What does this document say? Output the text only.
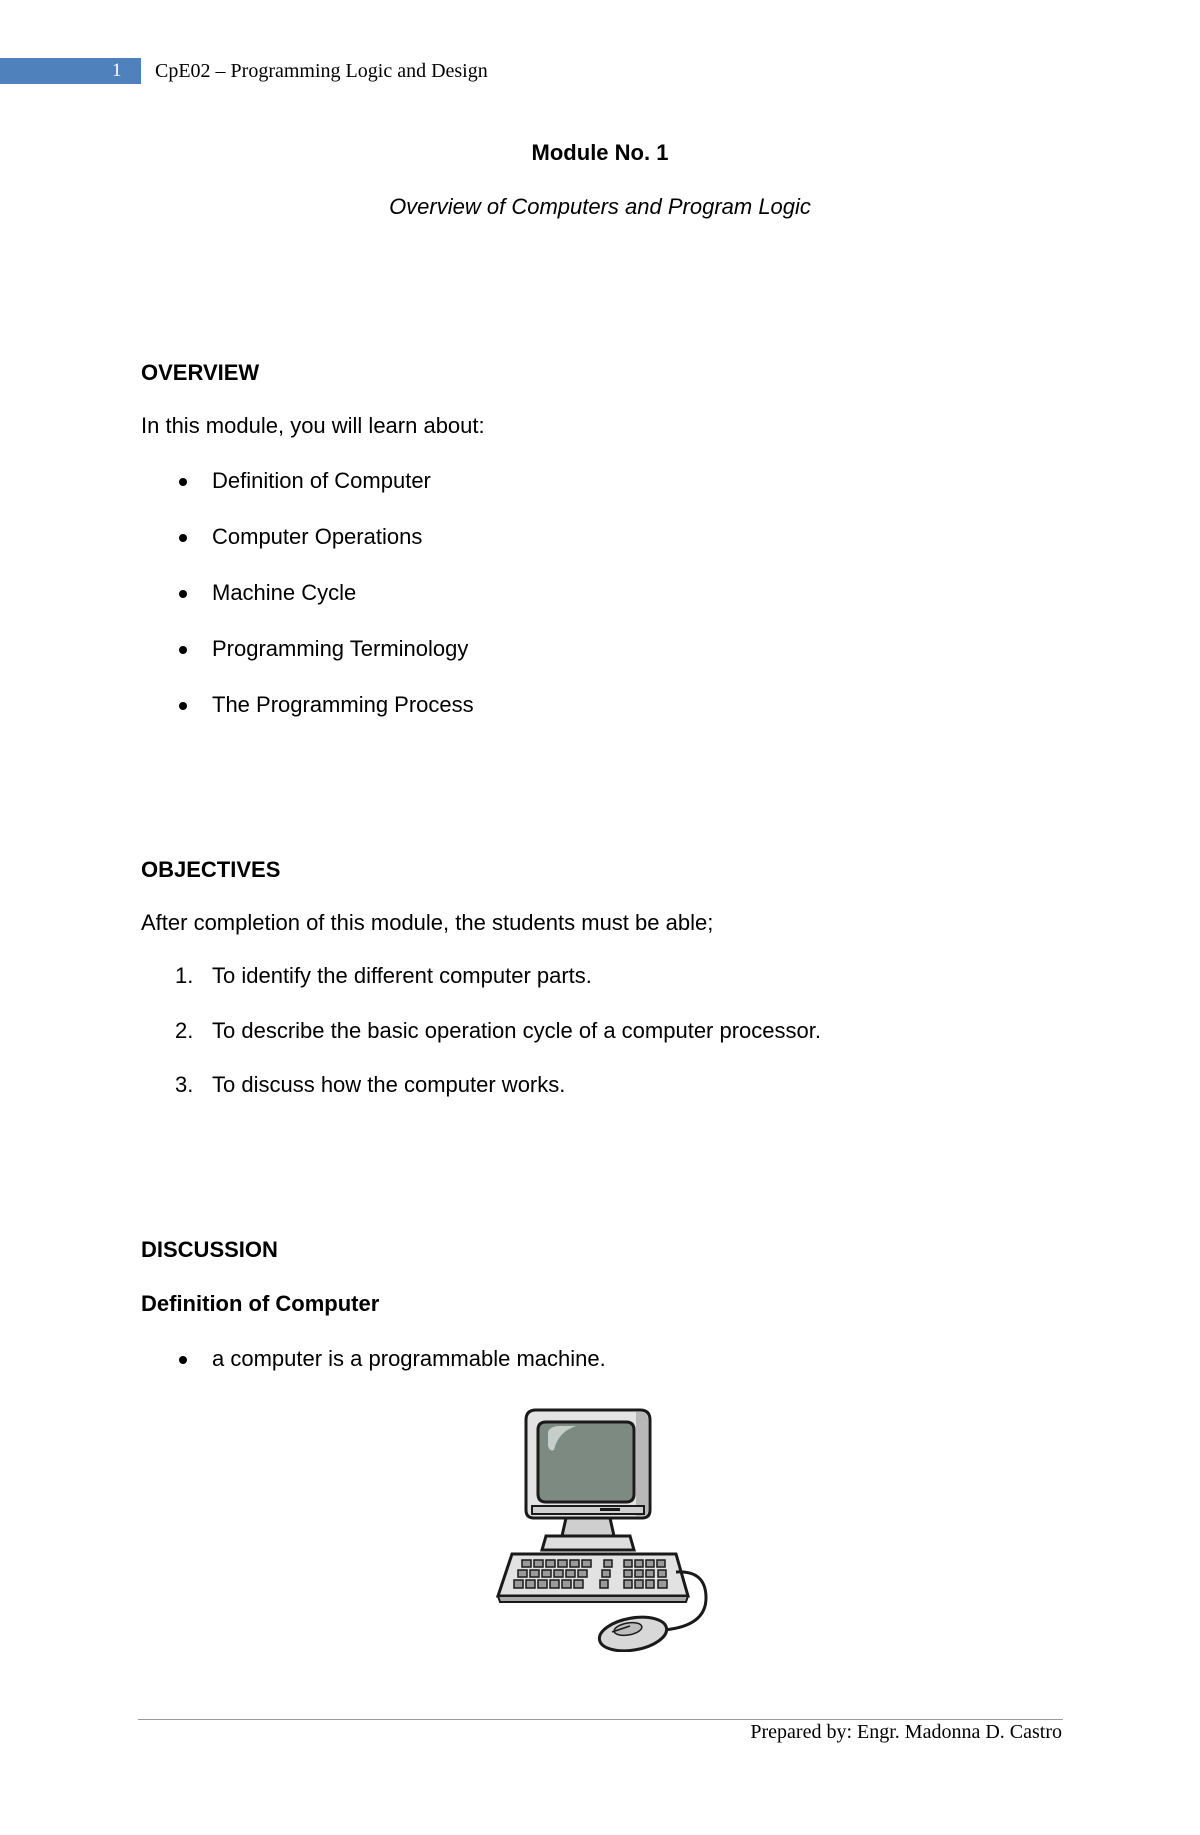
1 CpE02 – Programming Logic and Design
Module No. 1
Overview of Computers and Program Logic
OVERVIEW
In this module, you will learn about:
Definition of Computer
Computer Operations
Machine Cycle
Programming Terminology
The Programming Process
OBJECTIVES
After completion of this module, the students must be able;
1. To identify the different computer parts.
2. To describe the basic operation cycle of a computer processor.
3. To discuss how the computer works.
DISCUSSION
Definition of Computer
a computer is a programmable machine.
Prepared by: Engr. Madonna D. Castro
